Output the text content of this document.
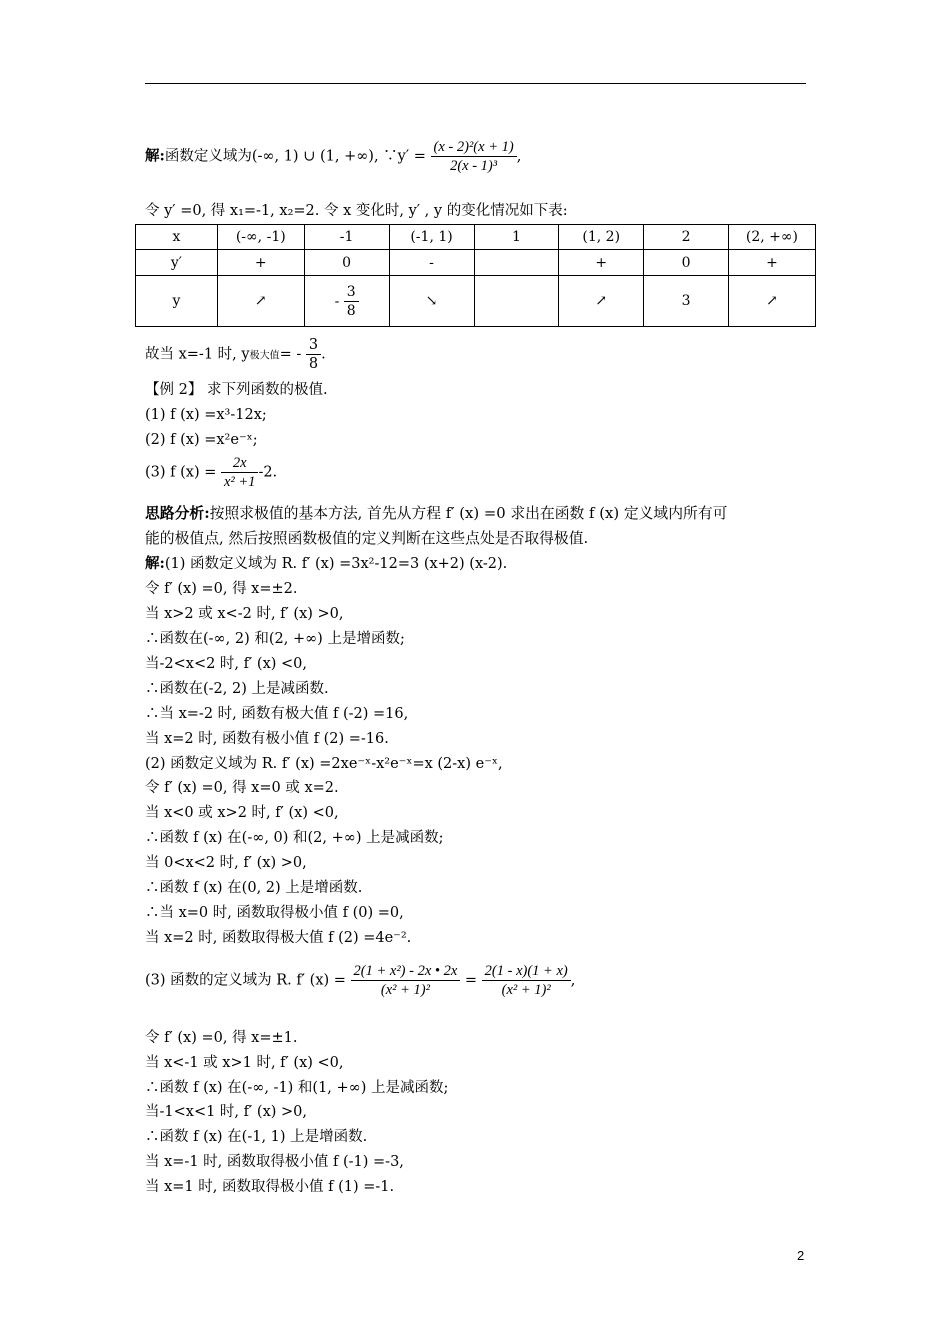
解:函数定义域为(-∞, 1) ∪ (1, +∞), ∵y′ = $\frac{\text{(x - 2)²(x + 1)}}{\text{2(x - 1)³}}$ ,
令 y′ =0, 得 x₁=-1, x₂=2. 令 x 变化时, y′ , y 的变化情况如下表:
x	(-∞, -1)	-1	(-1, 1)	1	(1, 2)	2	(2, +∞)
y′	+	0	-		+	0	+
y	↗	- $\frac{3}{8}$	↘		↗	3	↗
故当 x=-1 时, y极大值= - $\frac{3}{8}$ .
【例 2】 求下列函数的极值.
(1) f (x) =x³-12x;
(2) f (x) =x²e⁻ˣ;
(3) f $(x) = \frac{2x}{\text{x² +1}} -2$.
思路分析:按照求极值的基本方法, 首先从方程 f′ (x) =0 求出在函数 f (x) 定义域内所有可
能的极值点, 然后按照函数极值的定义判断在这些点处是否取得极值.
解:(1) 函数定义域为 R. f′ (x) =3x²-12=3 (x+2) (x-2).
令 f′ (x) =0, 得 x=±2.
当 x>2 或 x<-2 时, f′ (x) >0,
∴函数在(-∞, 2) 和(2, +∞) 上是增函数;
当-2<x<2 时, f′ (x) <0,
∴函数在(-2, 2) 上是减函数.
∴当 x=-2 时, 函数有极大值 f (-2) =16,
当 x=2 时, 函数有极小值 f (2) =-16.
(2) 函数定义域为 R. f′ (x) =2xe⁻ˣ-x²e⁻ˣ=x (2-x) e⁻ˣ,
令 f′ (x) =0, 得 x=0 或 x=2.
当 x<0 或 x>2 时, f′ (x) <0,
∴函数 f (x) 在(-∞, 0) 和(2, +∞) 上是减函数;
当 0<x<2 时, f′ (x) >0,
∴函数 f (x) 在(0, 2) 上是增函数.
∴当 x=0 时, 函数取得极小值 f (0) =0,
当 x=2 时, 函数取得极大值 f (2) =4e⁻².
(3) 函数的定义域为 R. f′ $(x) = \frac{\text{2(1 + x²) - 2x • 2x}}{\text{(x² + 1)²}} = \frac{2(1 - x)(1 + x)}{\text{(x² + 1)²}}$ ,
令 f′ (x) =0, 得 x=±1.
当 x<-1 或 x>1 时, f′ (x) <0,
∴函数 f (x) 在(-∞, -1) 和(1, +∞) 上是减函数;
当-1<x<1 时, f′ (x) >0,
∴函数 f (x) 在(-1, 1) 上是增函数.
当 x=-1 时, 函数取得极小值 f (-1) =-3,
当 x=1 时, 函数取得极小值 f (1) =-1.
2
